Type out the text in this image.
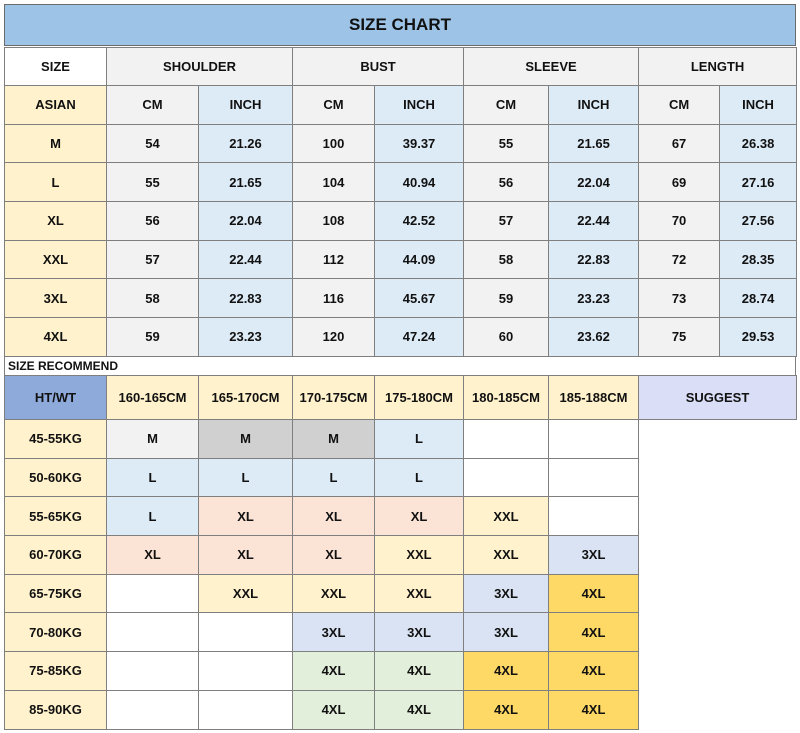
SIZE CHART
SIZE	SHOULDER		BUST		SLEEVE		LENGTH	
ASIAN	CM	INCH	CM	INCH	CM	INCH	CM	INCH
M	54	21.26	100	39.37	55	21.65	67	26.38
L	55	21.65	104	40.94	56	22.04	69	27.16
XL	56	22.04	108	42.52	57	22.44	70	27.56
XXL	57	22.44	112	44.09	58	22.83	72	28.35
3XL	58	22.83	116	45.67	59	23.23	73	28.74
4XL	59	23.23	120	47.24	60	23.62	75	29.53
SIZE RECOMMEND
HT/WT	160-165CM	165-170CM	170-175CM	175-180CM	180-185CM	185-188CM	SUGGEST
45-55KG	M	M	M	L			
50-60KG	L	L	L	L			
55-65KG	L	XL	XL	XL	XXL		
60-70KG	XL	XL	XL	XXL	XXL	3XL	
65-75KG		XXL	XXL	XXL	3XL	4XL	
70-80KG			3XL	3XL	3XL	4XL	
75-85KG			4XL	4XL	4XL	4XL	
85-90KG			4XL	4XL	4XL	4XL	
